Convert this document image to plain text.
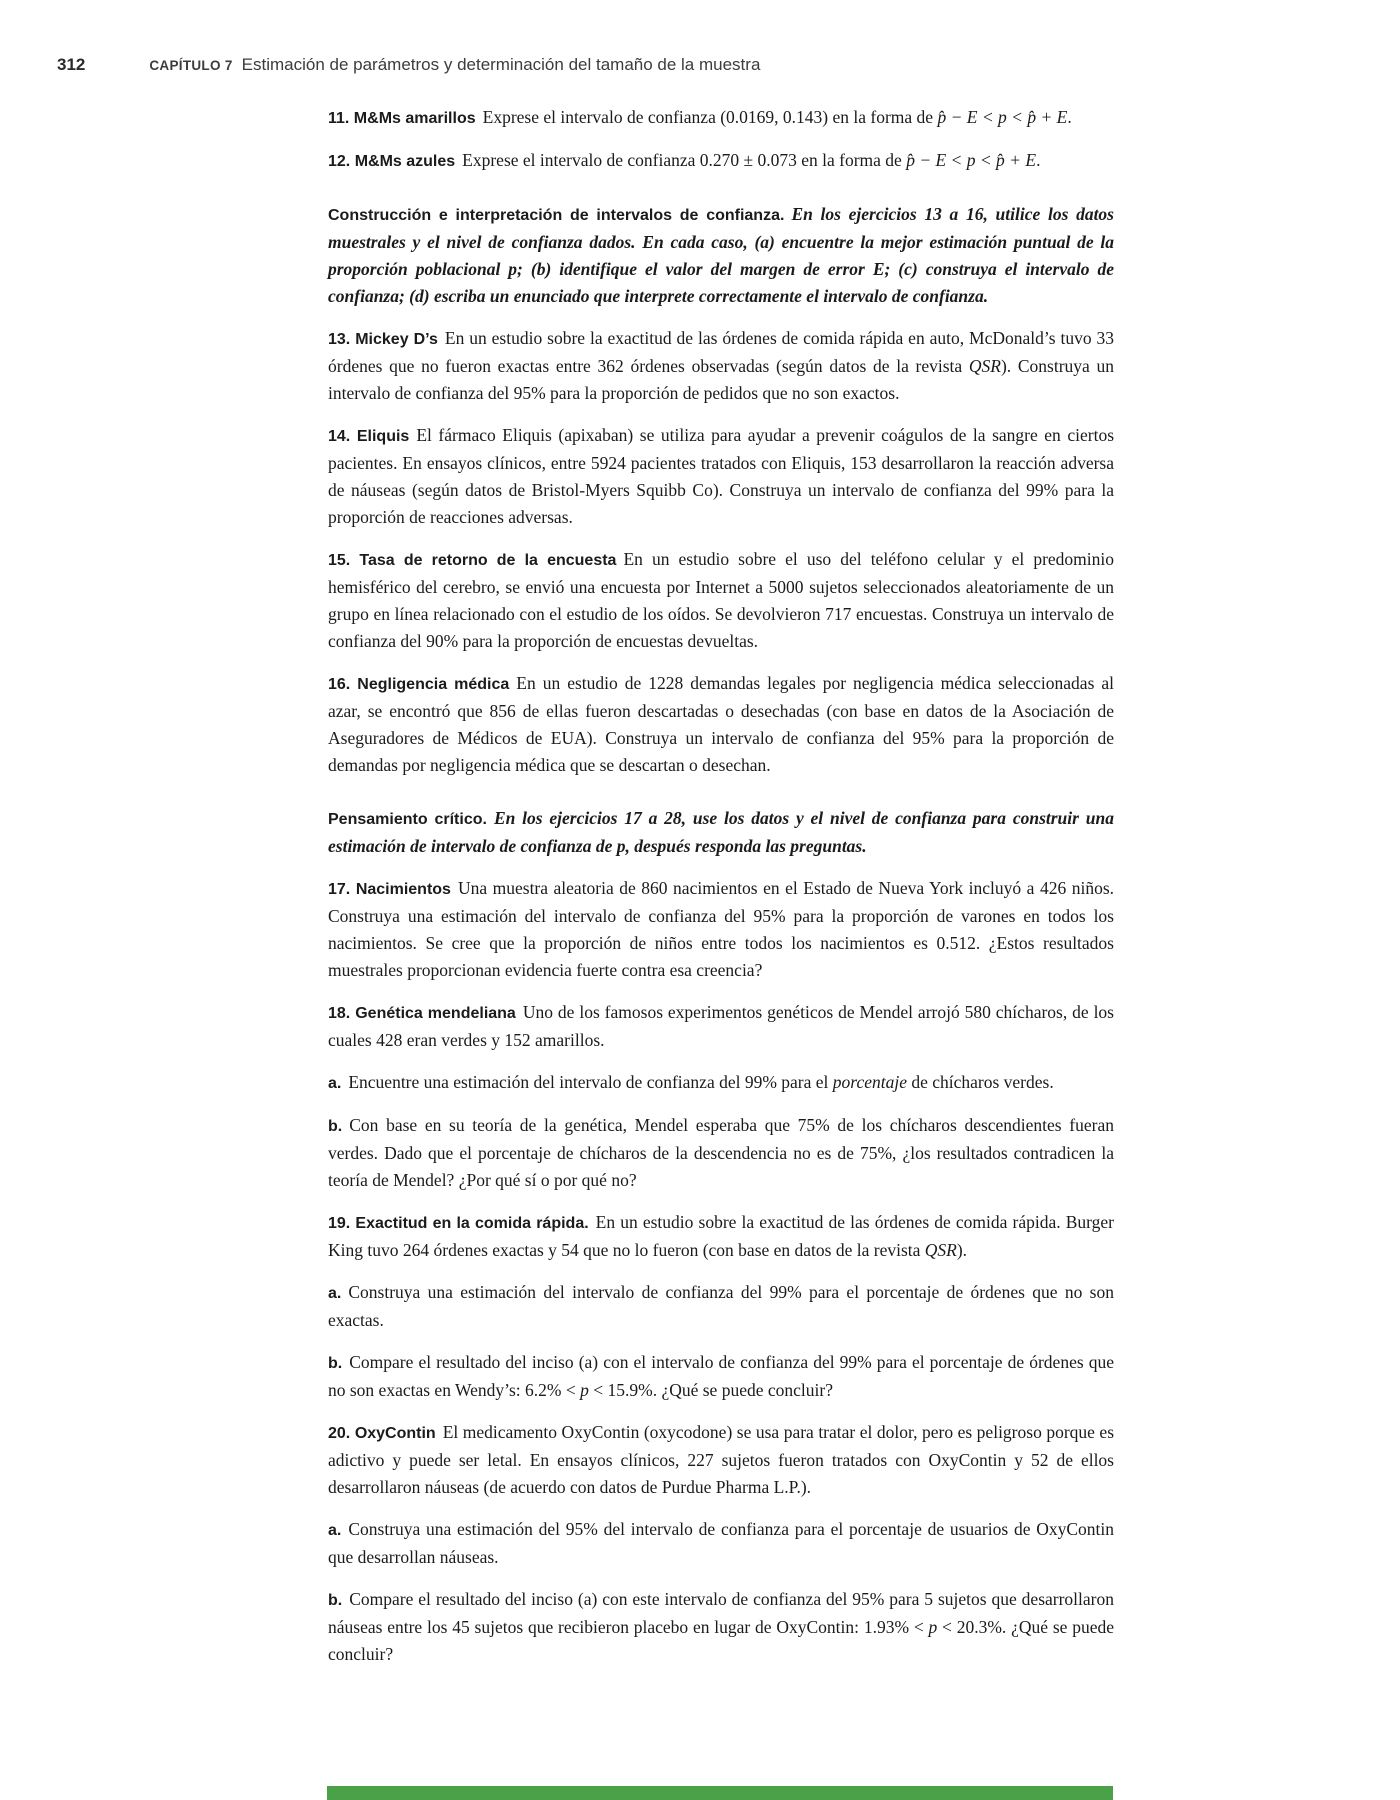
312	CAPÍTULO 7 Estimación de parámetros y determinación del tamaño de la muestra

11. M&Ms amarillos Exprese el intervalo de confianza (0.0169, 0.143) en la forma de p̂ − E < p < p̂ + E.

12. M&Ms azules Exprese el intervalo de confianza 0.270 ± 0.073 en la forma de p̂ − E < p < p̂ + E.

Construcción e interpretación de intervalos de confianza. En los ejercicios 13 a 16, utilice los datos muestrales y el nivel de confianza dados. En cada caso, (a) encuentre la mejor estimación puntual de la proporción poblacional p; (b) identifique el valor del margen de error E; (c) construya el intervalo de confianza; (d) escriba un enunciado que interprete correctamente el intervalo de confianza.

13. Mickey D’s En un estudio sobre la exactitud de las órdenes de comida rápida en auto, McDonald’s tuvo 33 órdenes que no fueron exactas entre 362 órdenes observadas (según datos de la revista QSR). Construya un intervalo de confianza del 95% para la proporción de pedidos que no son exactos.

14. Eliquis El fármaco Eliquis (apixaban) se utiliza para ayudar a prevenir coágulos de la sangre en ciertos pacientes. En ensayos clínicos, entre 5924 pacientes tratados con Eliquis, 153 desarrollaron la reacción adversa de náuseas (según datos de Bristol-Myers Squibb Co). Construya un intervalo de confianza del 99% para la proporción de reacciones adversas.

15. Tasa de retorno de la encuesta En un estudio sobre el uso del teléfono celular y el predominio hemisférico del cerebro, se envió una encuesta por Internet a 5000 sujetos seleccionados aleatoriamente de un grupo en línea relacionado con el estudio de los oídos. Se devolvieron 717 encuestas. Construya un intervalo de confianza del 90% para la proporción de encuestas devueltas.

16. Negligencia médica En un estudio de 1228 demandas legales por negligencia médica seleccionadas al azar, se encontró que 856 de ellas fueron descartadas o desechadas (con base en datos de la Asociación de Aseguradores de Médicos de EUA). Construya un intervalo de confianza del 95% para la proporción de demandas por negligencia médica que se descartan o desechan.

Pensamiento crítico. En los ejercicios 17 a 28, use los datos y el nivel de confianza para construir una estimación de intervalo de confianza de p, después responda las preguntas.

17. Nacimientos Una muestra aleatoria de 860 nacimientos en el Estado de Nueva York incluyó a 426 niños. Construya una estimación del intervalo de confianza del 95% para la proporción de varones en todos los nacimientos. Se cree que la proporción de niños entre todos los nacimientos es 0.512. ¿Estos resultados muestrales proporcionan evidencia fuerte contra esa creencia?

18. Genética mendeliana Uno de los famosos experimentos genéticos de Mendel arrojó 580 chícharos, de los cuales 428 eran verdes y 152 amarillos.

a. Encuentre una estimación del intervalo de confianza del 99% para el porcentaje de chícharos verdes.

b. Con base en su teoría de la genética, Mendel esperaba que 75% de los chícharos descendientes fueran verdes. Dado que el porcentaje de chícharos de la descendencia no es de 75%, ¿los resultados contradicen la teoría de Mendel? ¿Por qué sí o por qué no?

19. Exactitud en la comida rápida. En un estudio sobre la exactitud de las órdenes de comida rápida. Burger King tuvo 264 órdenes exactas y 54 que no lo fueron (con base en datos de la revista QSR).

a. Construya una estimación del intervalo de confianza del 99% para el porcentaje de órdenes que no son exactas.

b. Compare el resultado del inciso (a) con el intervalo de confianza del 99% para el porcentaje de órdenes que no son exactas en Wendy’s: 6.2% < p < 15.9%. ¿Qué se puede concluir?

20. OxyContin El medicamento OxyContin (oxycodone) se usa para tratar el dolor, pero es peligroso porque es adictivo y puede ser letal. En ensayos clínicos, 227 sujetos fueron tratados con OxyContin y 52 de ellos desarrollaron náuseas (de acuerdo con datos de Purdue Pharma L.P.).

a. Construya una estimación del 95% del intervalo de confianza para el porcentaje de usuarios de OxyContin que desarrollan náuseas.

b. Compare el resultado del inciso (a) con este intervalo de confianza del 95% para 5 sujetos que desarrollaron náuseas entre los 45 sujetos que recibieron placebo en lugar de OxyContin: 1.93% < p < 20.3%. ¿Qué se puede concluir?
